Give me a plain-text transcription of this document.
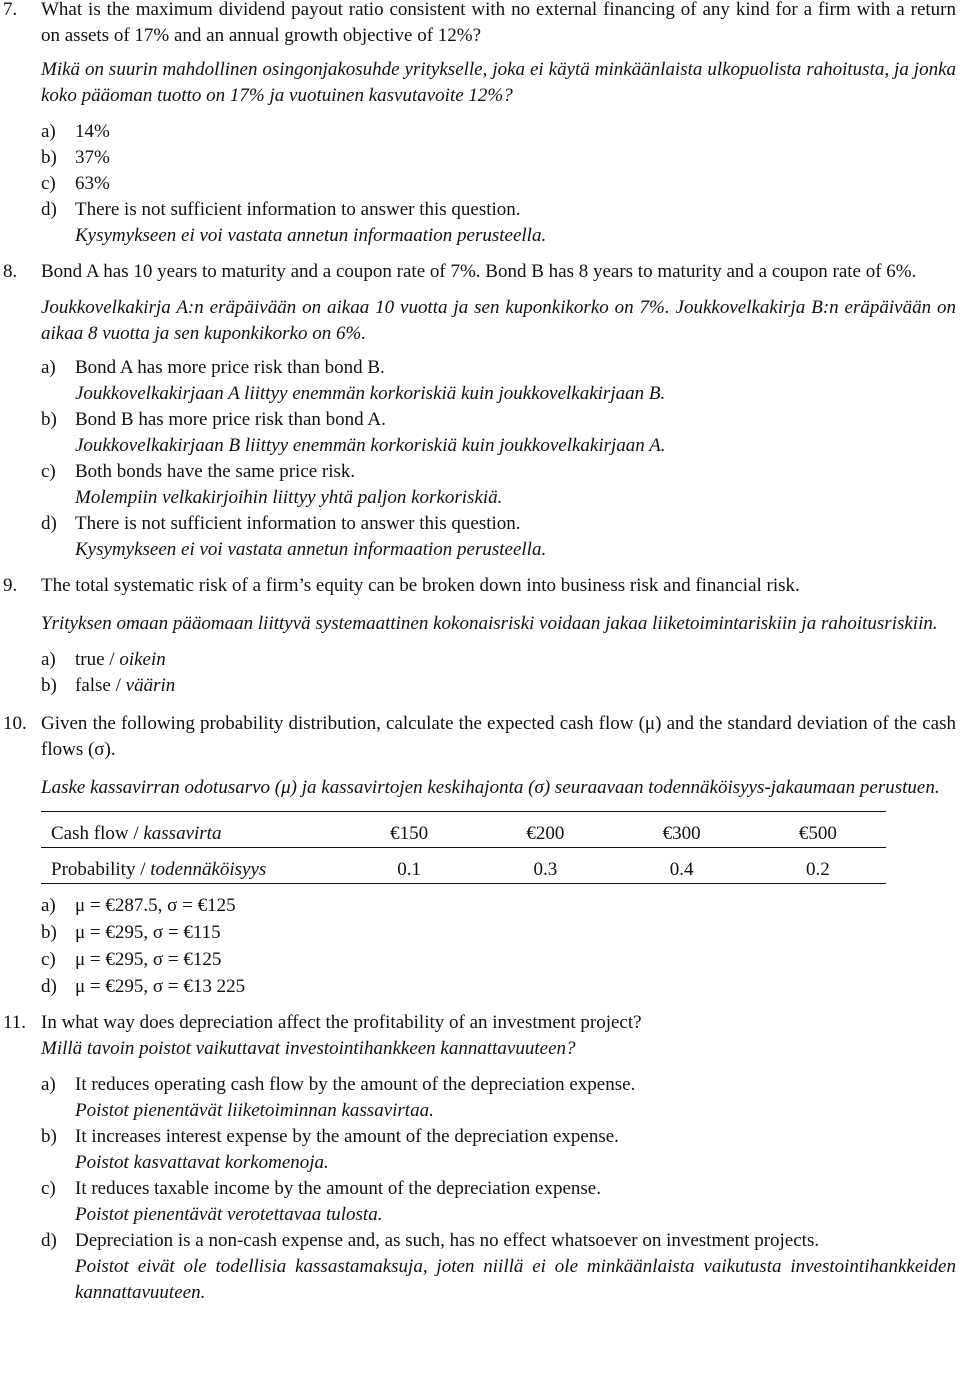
7. What is the maximum dividend payout ratio consistent with no external financing of any kind for a firm with a return on assets of 17% and an annual growth objective of 12%?

Mikä on suurin mahdollinen osingonjakosuhde yritykselle, joka ei käytä minkäänlaista ulkopuolista rahoitusta, ja jonka koko pääoman tuotto on 17% ja vuotuinen kasvutavoite 12%?

a) 14%
b) 37%
c) 63%
d) There is not sufficient information to answer this question.
Kysymykseen ei voi vastata annetun informaation perusteella.
8. Bond A has 10 years to maturity and a coupon rate of 7%. Bond B has 8 years to maturity and a coupon rate of 6%.

Joukkovelkakirja A:n eräpäivään on aikaa 10 vuotta ja sen kuponkikorko on 7%. Joukkovelkakirja B:n eräpäivään on aikaa 8 vuotta ja sen kuponkikorko on 6%.

a) Bond A has more price risk than bond B.
Joukkovelkakirjaan A liittyy enemmän korkoriskiä kuin joukkovelkakirjaan B.
b) Bond B has more price risk than bond A.
Joukkovelkakirjaan B liittyy enemmän korkoriskiä kuin joukkovelkakirjaan A.
c) Both bonds have the same price risk.
Molempiin velkakirjoihin liittyy yhtä paljon korkoriskiä.
d) There is not sufficient information to answer this question.
Kysymykseen ei voi vastata annetun informaation perusteella.
9. The total systematic risk of a firm’s equity can be broken down into business risk and financial risk.

Yrityksen omaan pääomaan liittyvä systemaattinen kokonaisriski voidaan jakaa liiketoimintariskiin ja rahoitusriskiin.

a) true / oikein
b) false / väärin
10. Given the following probability distribution, calculate the expected cash flow (μ) and the standard deviation of the cash flows (σ).

Laske kassavirran odotusarvo (μ) ja kassavirtojen keskihajonta (σ) seuraavaan todennäköisyys-jakaumaan perustuen.

Cash flow / kassavirta	€150	€200	€300	€500
Probability / todennäköisyys	0.1	0.3	0.4	0.2
a) μ = €287.5, σ = €125
b) μ = €295, σ = €115
c) μ = €295, σ = €125
d) μ = €295, σ = €13 225
11. In what way does depreciation affect the profitability of an investment project?

Millä tavoin poistot vaikuttavat investointihankkeen kannattavuuteen?

a) It reduces operating cash flow by the amount of the depreciation expense.
Poistot pienentävät liiketoiminnan kassavirtaa.
b) It increases interest expense by the amount of the depreciation expense.
Poistot kasvattavat korkomenoja.
c) It reduces taxable income by the amount of the depreciation expense.
Poistot pienentävät verotettavaa tulosta.
d) Depreciation is a non-cash expense and, as such, has no effect whatsoever on investment projects.
Poistot eivät ole todellisia kassastamaksuja, joten niillä ei ole minkäänlaista vaikutusta investointihankkeiden kannattavuuteen.
